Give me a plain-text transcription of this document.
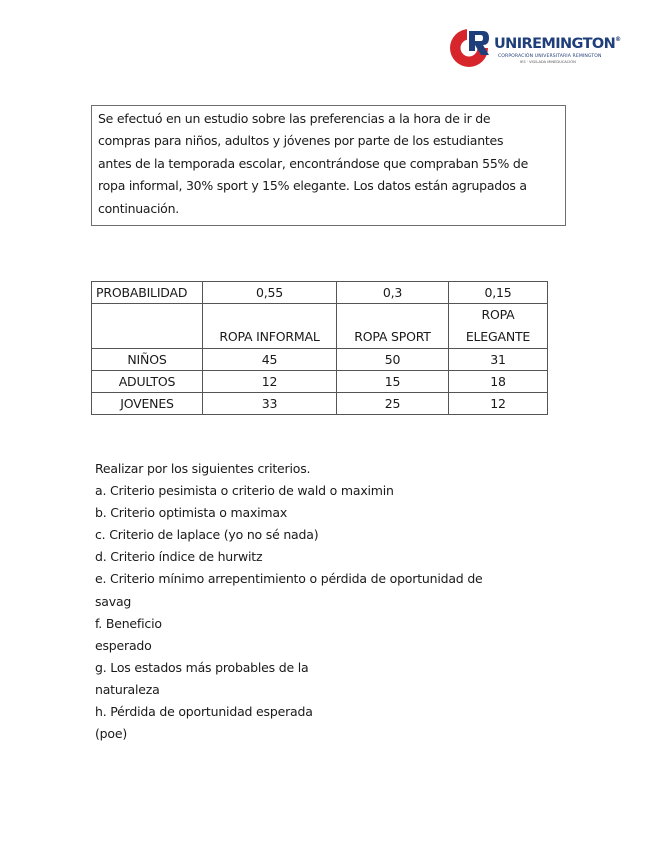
UNIREMINGTON®
CORPORACIÓN UNIVERSITARIA REMINGTON
IES · VIGILADA MINEDUCACIÓN
Se efectuó en un estudio sobre las preferencias a la hora de ir de
compras para niños, adultos y jóvenes por parte de los estudiantes
antes de la temporada escolar, encontrándose que compraban 55% de
ropa informal, 30% sport y 15% elegante. Los datos están agrupados a
continuación.
PROBABILIDAD	0,55	0,3	0,15
	ROPA INFORMAL	ROPA SPORT	ROPA
ELEGANTE

NIÑOS	45	50	31
ADULTOS	12	15	18
JOVENES	33	25	12
Realizar por los siguientes criterios.
a. Criterio pesimista o criterio de wald o maximin
b. Criterio optimista o maximax
c. Criterio de laplace (yo no sé nada)
d. Criterio índice de hurwitz
e. Criterio mínimo arrepentimiento o pérdida de oportunidad de
savag
f. Beneficio
esperado
g. Los estados más probables de la
naturaleza
h. Pérdida de oportunidad esperada
(poe)
